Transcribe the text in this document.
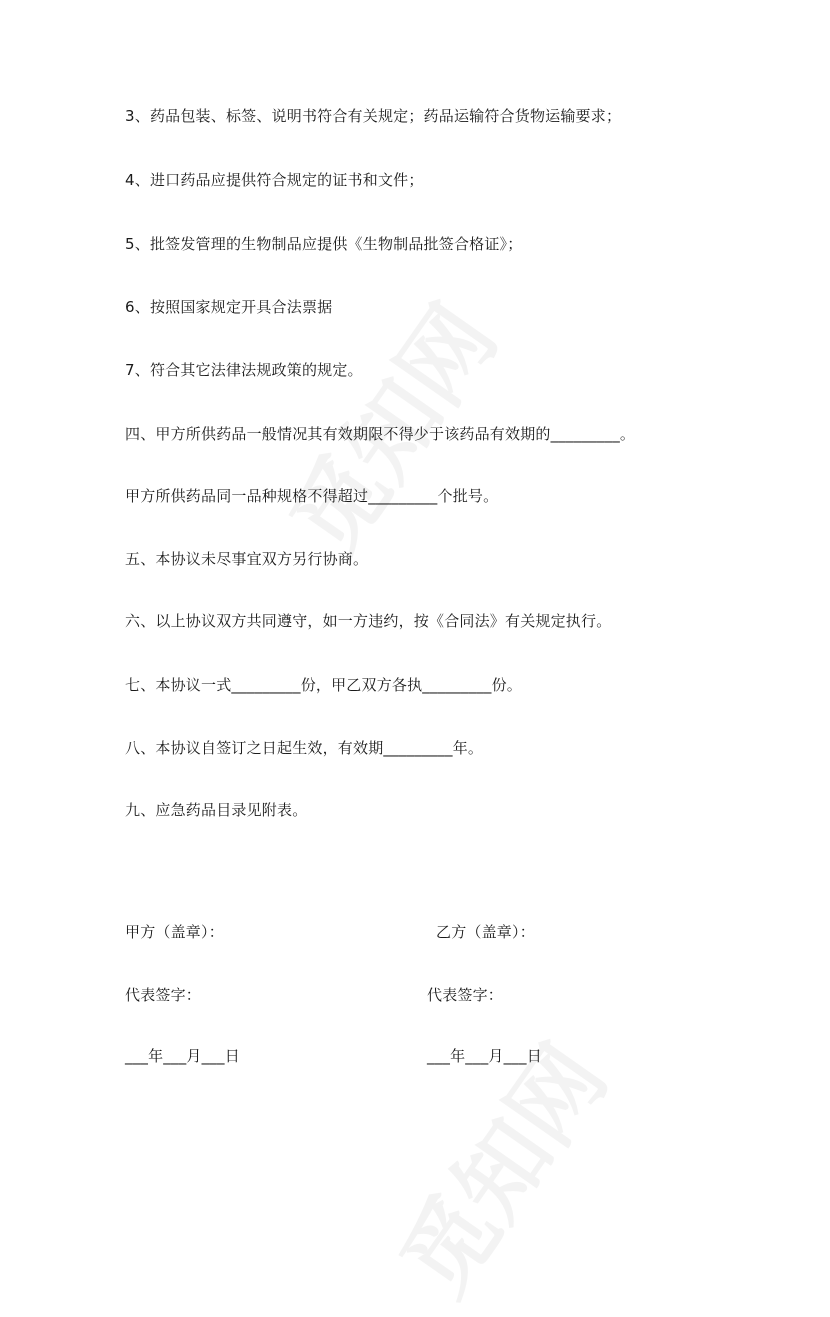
3、药品包装、标签、说明书符合有关规定；药品运输符合货物运输要求；
4、进口药品应提供符合规定的证书和文件；
5、批签发管理的生物制品应提供《生物制品批签合格证》；
6、按照国家规定开具合法票据
7、符合其它法律法规政策的规定。
四、甲方所供药品一般情况其有效期限不得少于该药品有效期的_________。
甲方所供药品同一品种规格不得超过_________个批号。
五、本协议未尽事宜双方另行协商。
六、以上协议双方共同遵守，如一方违约，按《合同法》有关规定执行。
七、本协议一式_________份，甲乙双方各执_________份。
八、本协议自签订之日起生效，有效期_________年。
九、应急药品目录见附表。
甲方（盖章）：	乙方（盖章）：
代表签字：	代表签字：
___年___月___日	___年___月___日
